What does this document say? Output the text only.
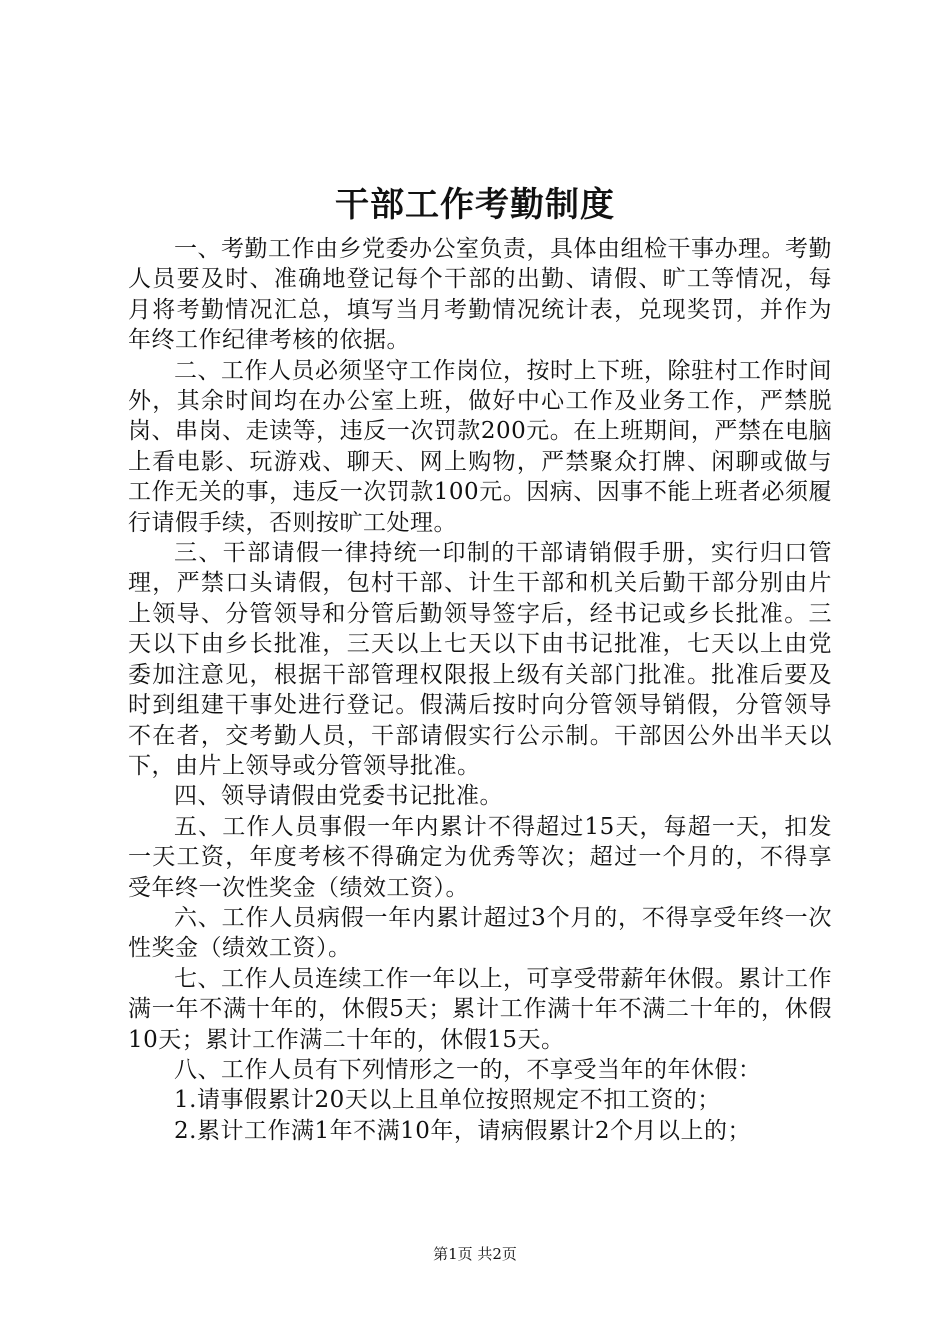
干部工作考勤制度

一、考勤工作由乡党委办公室负责，具体由组检干事办理。考勤人员要及时、准确地登记每个干部的出勤、请假、旷工等情况，每月将考勤情况汇总，填写当月考勤情况统计表，兑现奖罚，并作为年终工作纪律考核的依据。

二、工作人员必须坚守工作岗位，按时上下班，除驻村工作时间外，其余时间均在办公室上班，做好中心工作及业务工作，严禁脱岗、串岗、走读等，违反一次罚款200元。在上班期间，严禁在电脑上看电影、玩游戏、聊天、网上购物，严禁聚众打牌、闲聊或做与工作无关的事，违反一次罚款100元。因病、因事不能上班者必须履行请假手续，否则按旷工处理。

三、干部请假一律持统一印制的干部请销假手册，实行归口管理，严禁口头请假，包村干部、计生干部和机关后勤干部分别由片上领导、分管领导和分管后勤领导签字后，经书记或乡长批准。三天以下由乡长批准，三天以上七天以下由书记批准，七天以上由党委加注意见，根据干部管理权限报上级有关部门批准。批准后要及时到组建干事处进行登记。假满后按时向分管领导销假，分管领导不在者，交考勤人员，干部请假实行公示制。干部因公外出半天以下，由片上领导或分管领导批准。

四、领导请假由党委书记批准。

五、工作人员事假一年内累计不得超过15天，每超一天，扣发一天工资，年度考核不得确定为优秀等次；超过一个月的，不得享受年终一次性奖金（绩效工资）。

六、工作人员病假一年内累计超过3个月的，不得享受年终一次性奖金（绩效工资）。

七、工作人员连续工作一年以上，可享受带薪年休假。累计工作满一年不满十年的，休假5天；累计工作满十年不满二十年的，休假10天；累计工作满二十年的，休假15天。

八、工作人员有下列情形之一的，不享受当年的年休假：

1.请事假累计20天以上且单位按照规定不扣工资的；

2.累计工作满1年不满10年，请病假累计2个月以上的；

第1页 共2页
